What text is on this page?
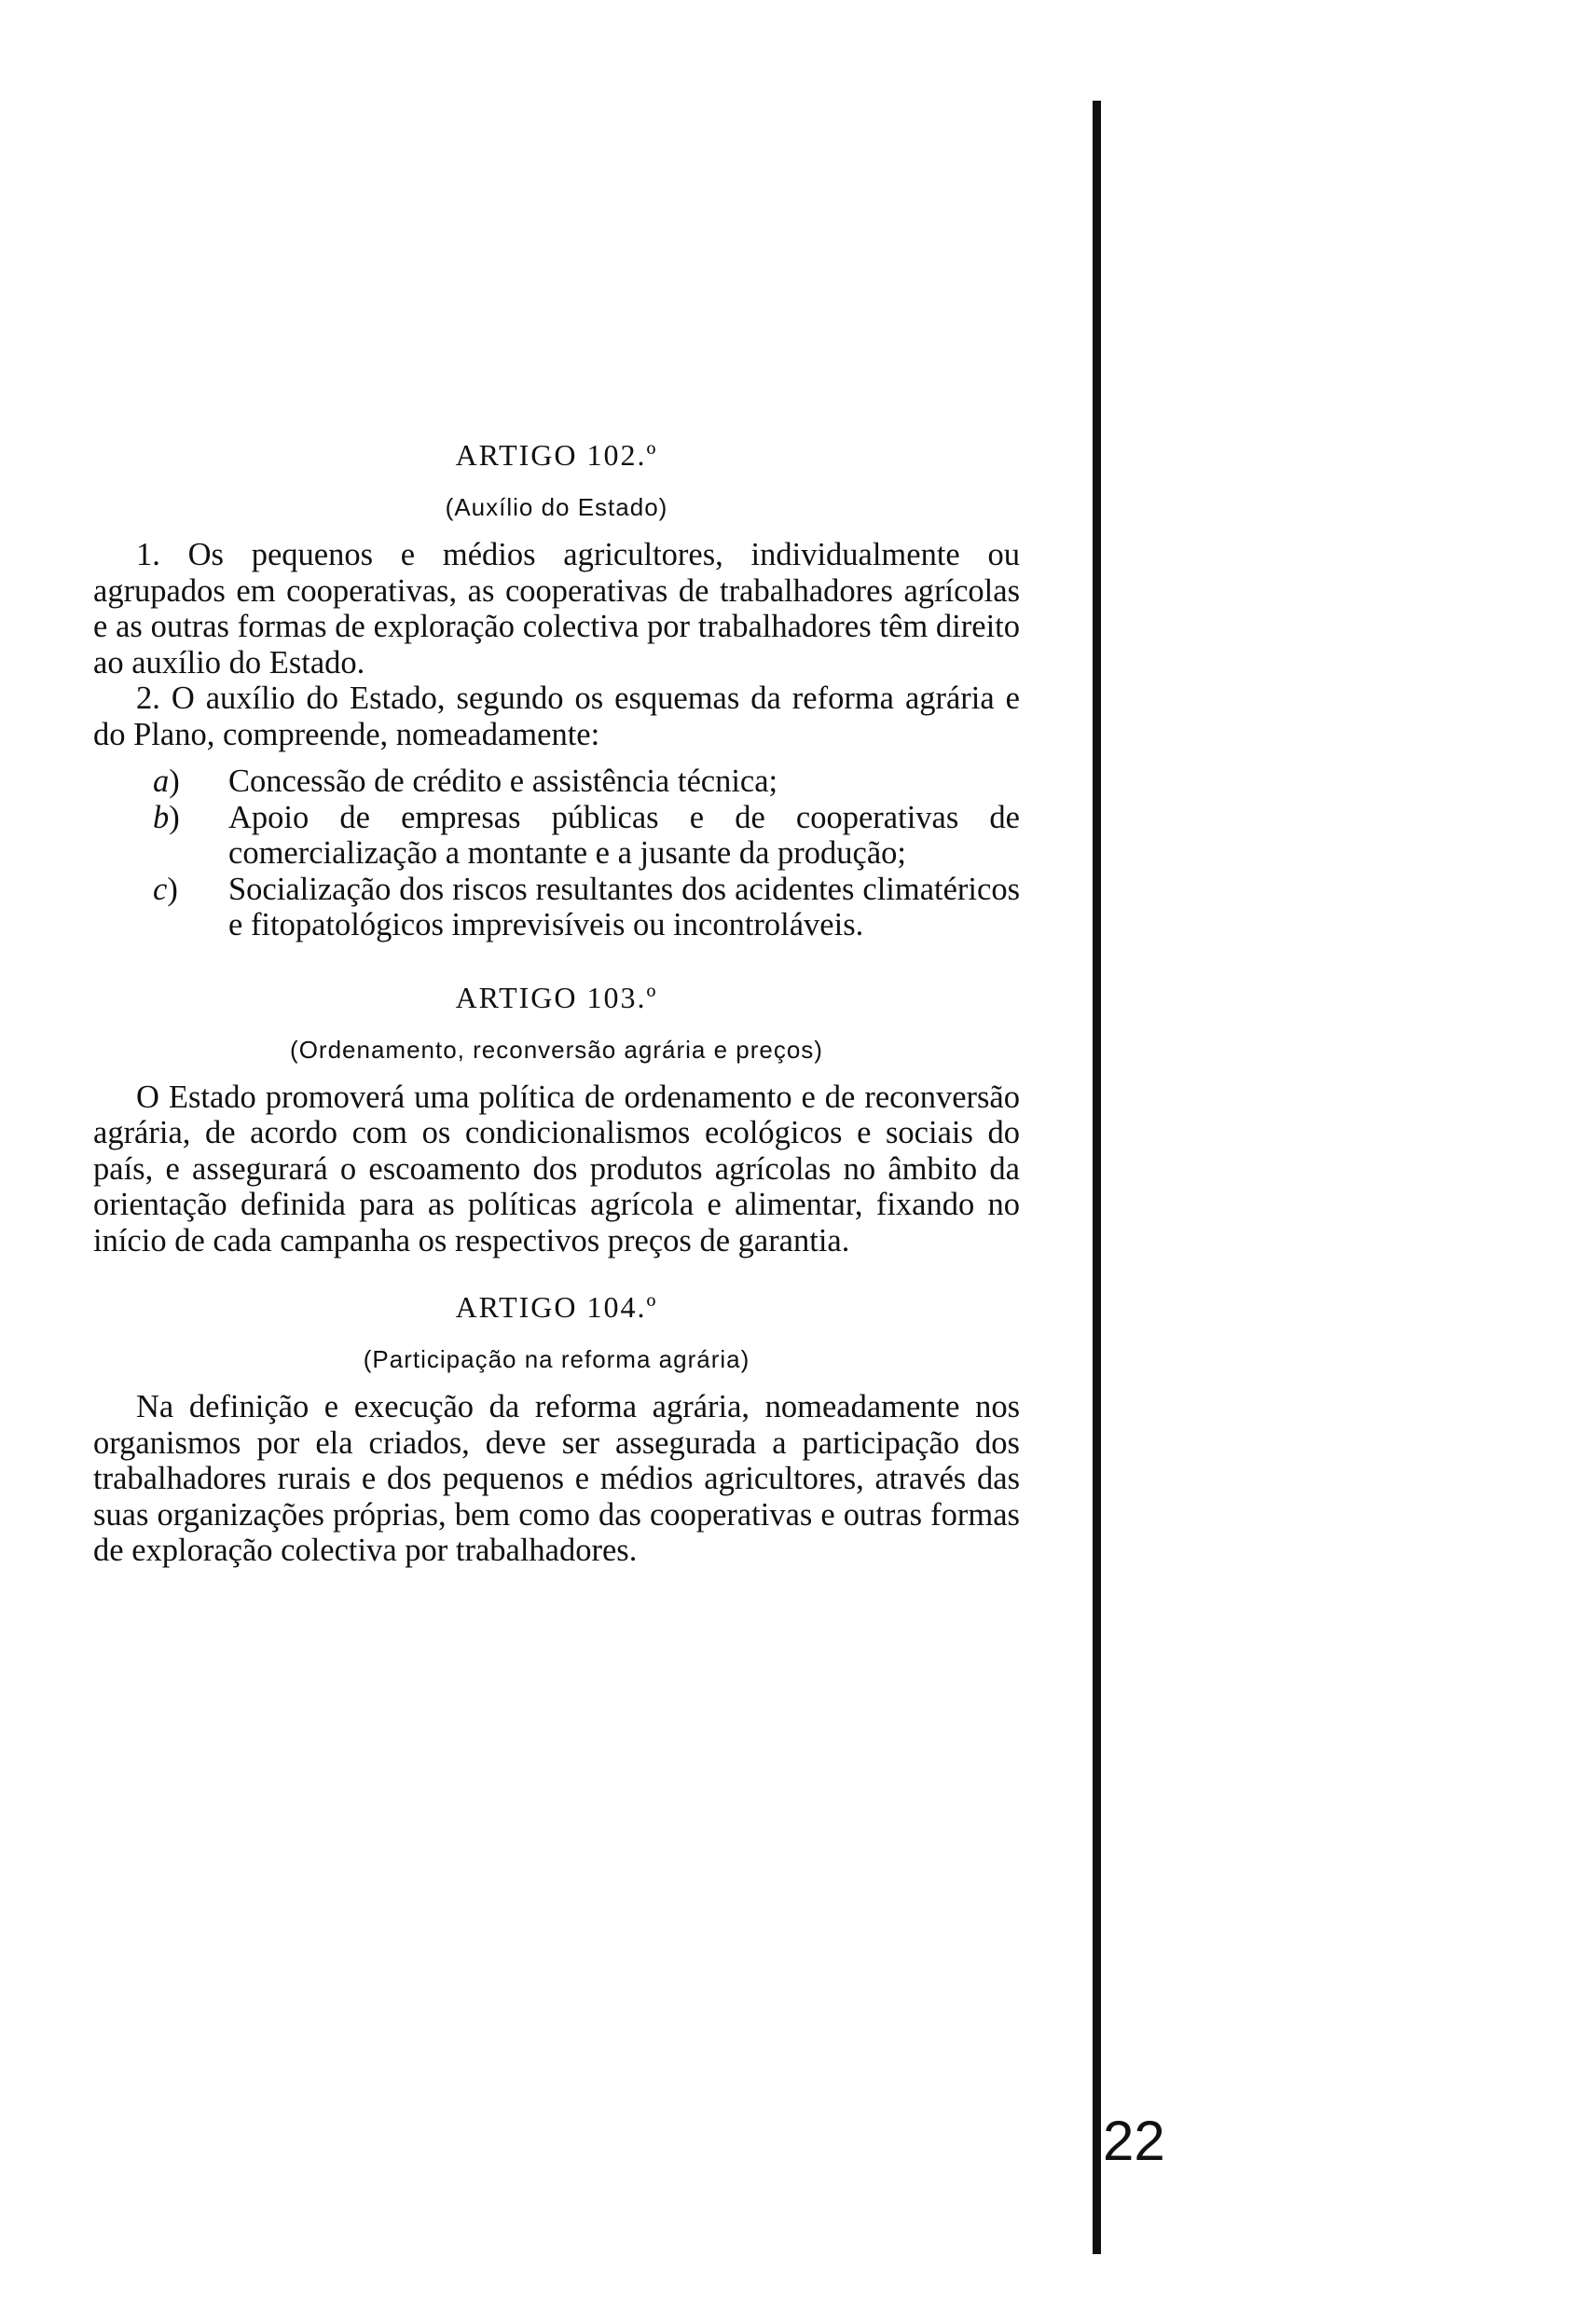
ARTIGO 102.º
(Auxílio do Estado)

1. Os pequenos e médios agricultores, individualmente ou agrupados em cooperativas, as cooperativas de trabalhadores agrícolas e as outras formas de exploração colectiva por trabalhadores têm direito ao auxílio do Estado.

2. O auxílio do Estado, segundo os esquemas da reforma agrária e do Plano, compreende, nomeadamente:

a) Concessão de crédito e assistência técnica;
b) Apoio de empresas públicas e de cooperativas de comercialização a montante e a jusante da produção;
c) Socialização dos riscos resultantes dos acidentes climatéricos e fitopatológicos imprevisíveis ou incontroláveis.
ARTIGO 103.º
(Ordenamento, reconversão agrária e preços)

O Estado promoverá uma política de ordenamento e de reconversão agrária, de acordo com os condicionalismos ecológicos e sociais do país, e assegurará o escoamento dos produtos agrícolas no âmbito da orientação definida para as políticas agrícola e alimentar, fixando no início de cada campanha os respectivos preços de garantia.

ARTIGO 104.º
(Participação na reforma agrária)

Na definição e execução da reforma agrária, nomeadamente nos organismos por ela criados, deve ser assegurada a participação dos trabalhadores rurais e dos pequenos e médios agricultores, através das suas organizações próprias, bem como das cooperativas e outras formas de exploração colectiva por trabalhadores.

22
